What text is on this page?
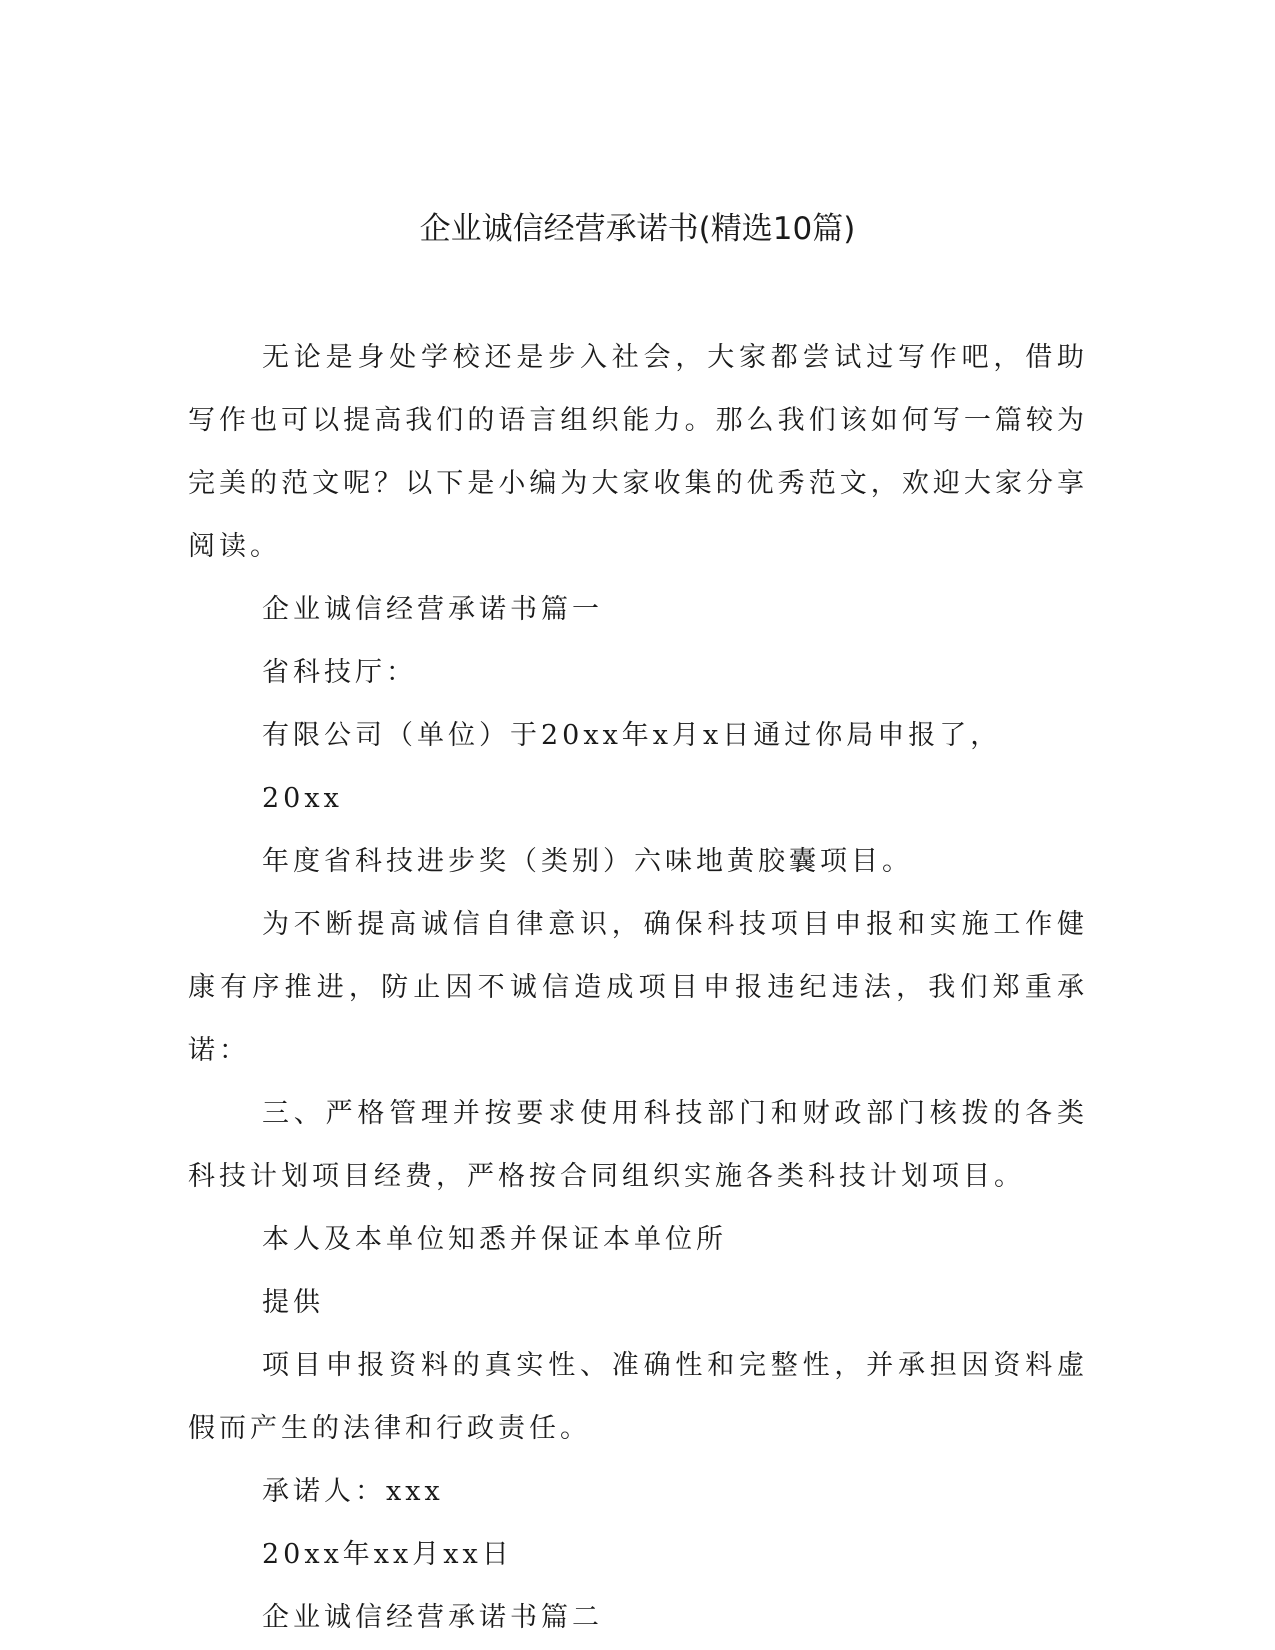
企业诚信经营承诺书(精选10篇)

无论是身处学校还是步入社会，大家都尝试过写作吧，借助写作也可以提高我们的语言组织能力。那么我们该如何写一篇较为完美的范文呢？以下是小编为大家收集的优秀范文，欢迎大家分享阅读。

企业诚信经营承诺书篇一

省科技厅：

有限公司（单位）于20xx年x月x日通过你局申报了，

20xx

年度省科技进步奖（类别）六味地黄胶囊项目。

为不断提高诚信自律意识，确保科技项目申报和实施工作健康有序推进，防止因不诚信造成项目申报违纪违法，我们郑重承诺：

三、严格管理并按要求使用科技部门和财政部门核拨的各类科技计划项目经费，严格按合同组织实施各类科技计划项目。

本人及本单位知悉并保证本单位所

提供

项目申报资料的真实性、准确性和完整性，并承担因资料虚假而产生的法律和行政责任。

承诺人：xxx

20xx年xx月xx日

企业诚信经营承诺书篇二
